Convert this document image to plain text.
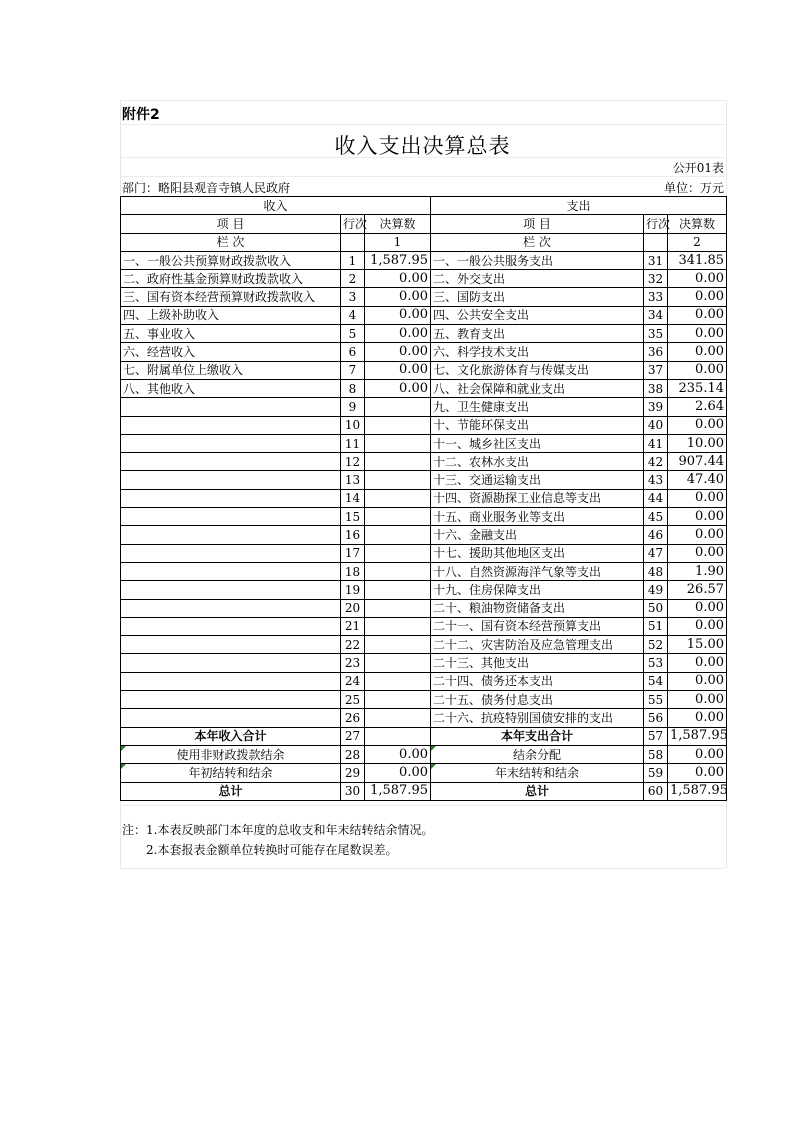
附件2
收入支出决算总表
公开01表
部门：略阳县观音寺镇人民政府	单位：万元
收入			支出		
项 目	行次	决算数	项 目	行次	决算数
栏 次		1	栏 次		2
一、一般公共预算财政拨款收入	1	1,587.95	一、一般公共服务支出	31	341.85
二、政府性基金预算财政拨款收入	2	0.00	二、外交支出	32	0.00
三、国有资本经营预算财政拨款收入	3	0.00	三、国防支出	33	0.00
四、上级补助收入	4	0.00	四、公共安全支出	34	0.00
五、事业收入	5	0.00	五、教育支出	35	0.00
六、经营收入	6	0.00	六、科学技术支出	36	0.00
七、附属单位上缴收入	7	0.00	七、文化旅游体育与传媒支出	37	0.00
八、其他收入	8	0.00	八、社会保障和就业支出	38	235.14
	9		九、卫生健康支出	39	2.64
	10		十、节能环保支出	40	0.00
	11		十一、城乡社区支出	41	10.00
	12		十二、农林水支出	42	907.44
	13		十三、交通运输支出	43	47.40
	14		十四、资源勘探工业信息等支出	44	0.00
	15		十五、商业服务业等支出	45	0.00
	16		十六、金融支出	46	0.00
	17		十七、援助其他地区支出	47	0.00
	18		十八、自然资源海洋气象等支出	48	1.90
	19		十九、住房保障支出	49	26.57
	20		二十、粮油物资储备支出	50	0.00
	21		二十一、国有资本经营预算支出	51	0.00
	22		二十二、灾害防治及应急管理支出	52	15.00
	23		二十三、其他支出	53	0.00
	24		二十四、债务还本支出	54	0.00
	25		二十五、债务付息支出	55	0.00
	26		二十六、抗疫特别国债安排的支出	56	0.00
本年收入合计	27		本年支出合计	57	1,587.95
使用非财政拨款结余	28	0.00	结余分配	58	0.00
年初结转和结余	29	0.00	年末结转和结余	59	0.00
总计	30	1,587.95	总计	60	1,587.95
注：1.本表反映部门本年度的总收支和年末结转结余情况。
2.本套报表金额单位转换时可能存在尾数误差。
